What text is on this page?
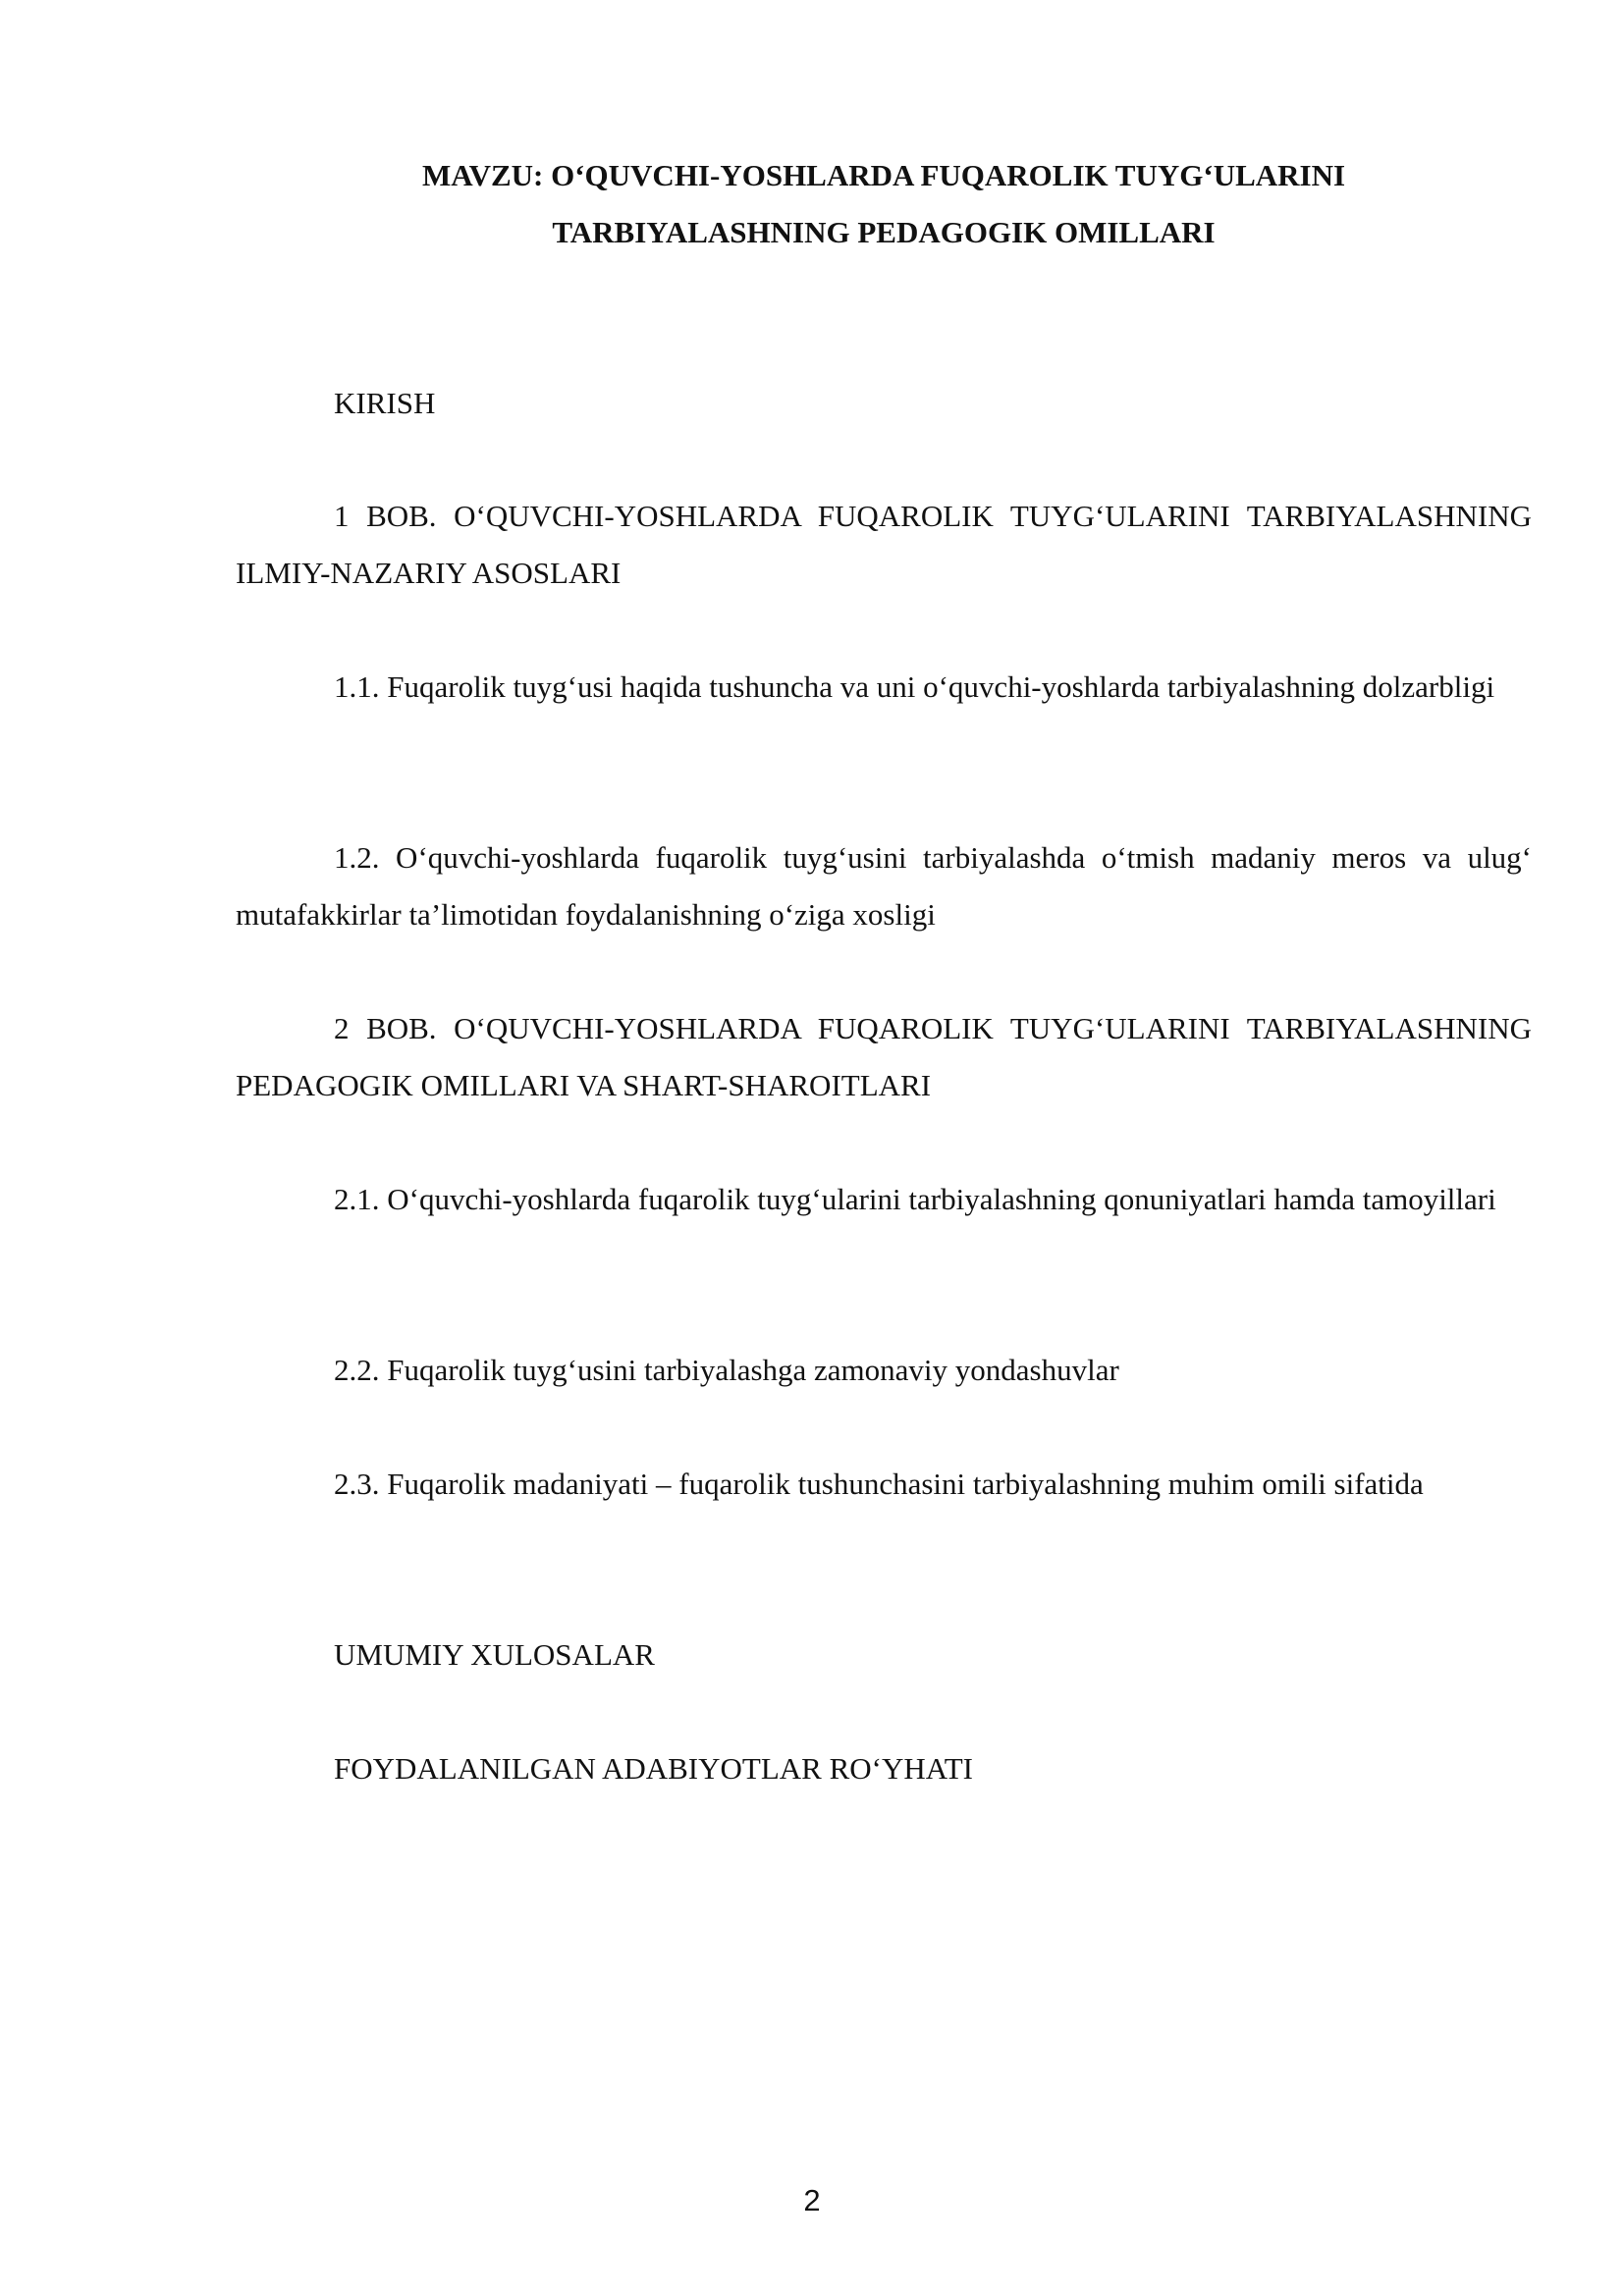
MAVZU: O‘QUVCHI-YOSHLARDA FUQAROLIK TUYG‘ULARINI
TARBIYALASHNING PEDAGOGIK OMILLARI

KIRISH

1 BOB. O‘QUVCHI-YOSHLARDA FUQAROLIK TUYG‘ULARINI TARBIYALASHNING ILMIY-NAZARIY ASOSLARI

1.1. Fuqarolik tuyg‘usi haqida tushuncha va uni o‘quvchi-yoshlarda tarbiyalashning dolzarbligi

1.2. O‘quvchi-yoshlarda fuqarolik tuyg‘usini tarbiyalashda o‘tmish madaniy meros va ulug‘ mutafakkirlar ta’limotidan foydalanishning o‘ziga xosligi

2 BOB. O‘QUVCHI-YOSHLARDA FUQAROLIK TUYG‘ULARINI TARBIYALASHNING PEDAGOGIK OMILLARI VA SHART-SHAROITLARI

2.1. O‘quvchi-yoshlarda fuqarolik tuyg‘ularini tarbiyalashning qonuniyatlari hamda tamoyillari

2.2. Fuqarolik tuyg‘usini tarbiyalashga zamonaviy yondashuvlar

2.3. Fuqarolik madaniyati – fuqarolik tushunchasini tarbiyalashning muhim omili sifatida

UMUMIY XULOSALAR

FOYDALANILGAN ADABIYOTLAR RO‘YHATI

2
